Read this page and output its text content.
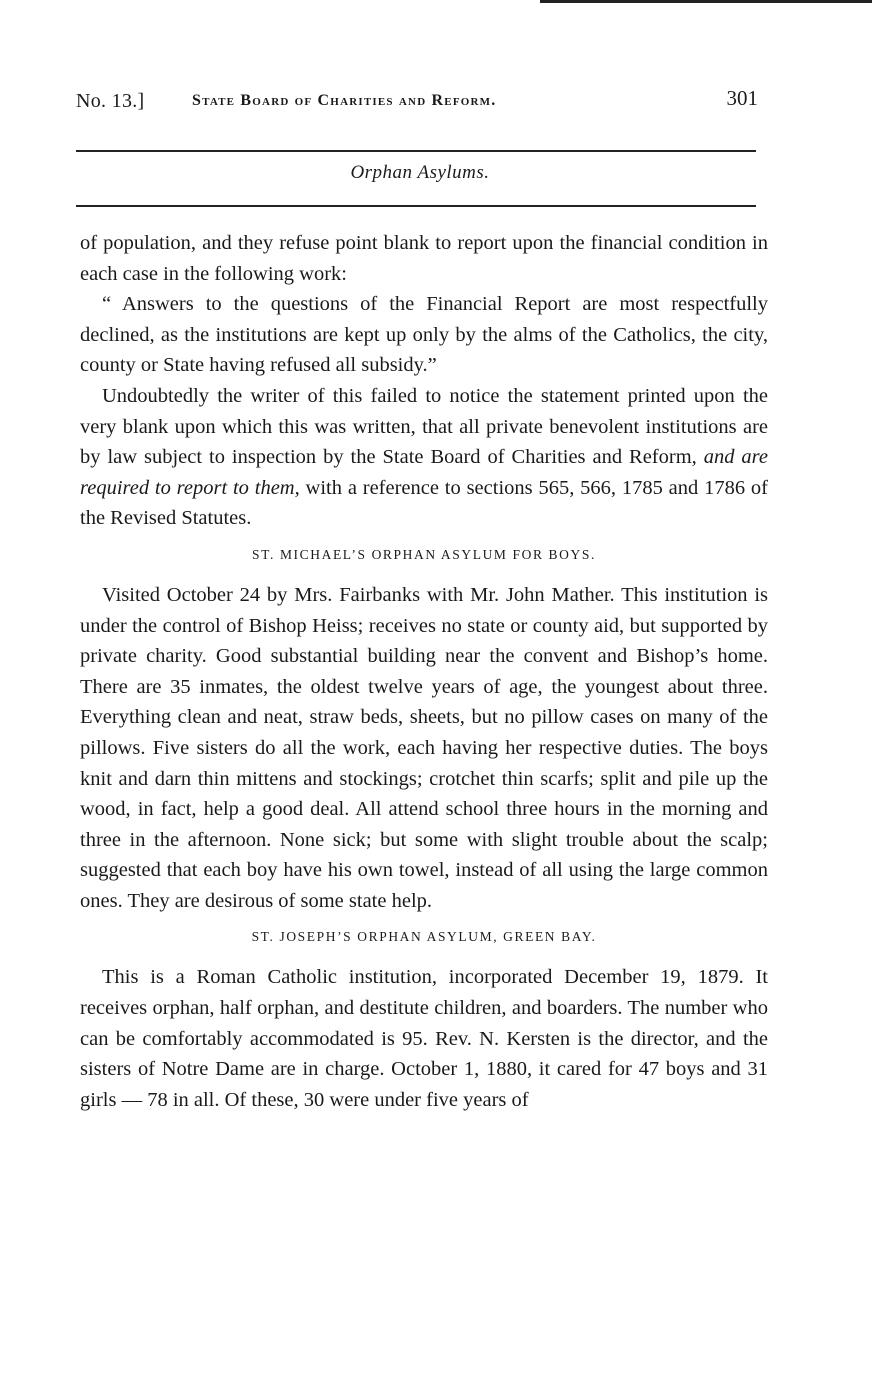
No. 13.]	State Board of Charities and Reform.	301
Orphan Asylums.

of population, and they refuse point blank to report upon the financial condition in each case in the following work:

“ Answers to the questions of the Financial Report are most respectfully declined, as the institutions are kept up only by the alms of the Catholics, the city, county or State having refused all subsidy.”

Undoubtedly the writer of this failed to notice the statement printed upon the very blank upon which this was written, that all private benevolent institutions are by law subject to inspection by the State Board of Charities and Reform, and are required to report to them, with a reference to sections 565, 566, 1785 and 1786 of the Revised Statutes.

ST. MICHAEL’S ORPHAN ASYLUM FOR BOYS.

Visited October 24 by Mrs. Fairbanks with Mr. John Mather. This institution is under the control of Bishop Heiss; receives no state or county aid, but supported by private charity. Good substantial building near the convent and Bishop’s home. There are 35 inmates, the oldest twelve years of age, the youngest about three. Everything clean and neat, straw beds, sheets, but no pillow cases on many of the pillows. Five sisters do all the work, each having her respective duties. The boys knit and darn thin mittens and stockings; crotchet thin scarfs; split and pile up the wood, in fact, help a good deal. All attend school three hours in the morning and three in the afternoon. None sick; but some with slight trouble about the scalp; suggested that each boy have his own towel, instead of all using the large common ones. They are desirous of some state help.

ST. JOSEPH’S ORPHAN ASYLUM, GREEN BAY.

This is a Roman Catholic institution, incorporated December 19, 1879. It receives orphan, half orphan, and destitute children, and boarders. The number who can be comfortably accommodated is 95. Rev. N. Kersten is the director, and the sisters of Notre Dame are in charge. October 1, 1880, it cared for 47 boys and 31 girls — 78 in all. Of these, 30 were under five years of
